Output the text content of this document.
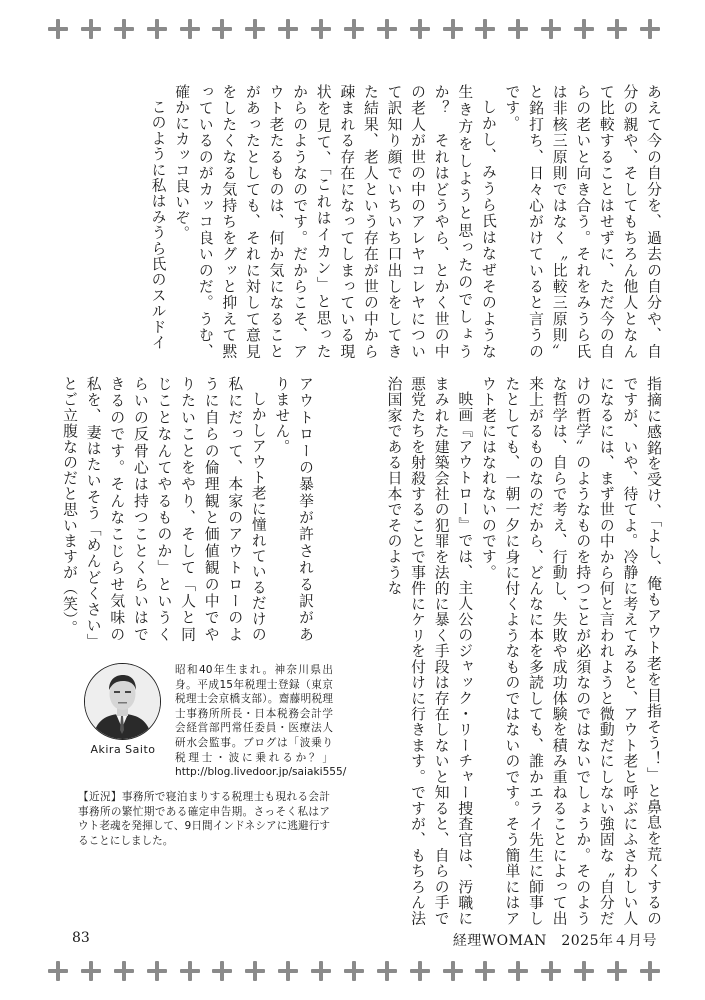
あえて今の自分を、過去の自分や、自分の親や、そしてもちろん他人となんて比較することはせずに、ただ今の自らの老いと向き合う。それをみうら氏は非核三原則ではなく〝比較三原則〟と銘打ち、日々心がけていると言うのです。

しかし、みうら氏はなぜそのような生き方をしようと思ったのでしょうか？　それはどうやら、とかく世の中の老人が世の中のアレヤコレヤについて訳知り顔でいちいち口出しをしてきた結果、老人という存在が世の中から疎まれる存在になってしまっている現状を見て、「これはイカン」と思ったからのようなのです。だからこそ、アウト老たるものは、何か気になることがあったとしても、それに対して意見をしたくなる気持ちをグッと抑えて黙っているのがカッコ良いのだ。うむ、確かにカッコ良いぞ。

このように私はみうら氏のスルドイ

指摘に感銘を受け、「よし、俺もアウト老を目指そう！」と鼻息を荒くするのですが、いや、待てよ。冷静に考えてみると、アウト老と呼ぶにふさわしい人になるには、まず世の中から何と言われようと微動だにしない強固な〝自分だけの哲学〟のようなものを持つことが必須なのではないでしょうか。そのような哲学は、自らで考え、行動し、失敗や成功体験を積み重ねることによって出来上がるものなのだから、どんなに本を多読しても、誰かエライ先生に師事したとしても、一朝一夕に身に付くようなものではないのです。そう簡単にはアウト老にはなれないのです。

映画『アウトロー』では、主人公のジャック・リーチャー捜査官は、汚職にまみれた建築会社の犯罪を法的に暴く手段は存在しないと知ると、自らの手で悪党たちを射殺することで事件にケリを付けに行きます。ですが、もちろん法治国家である日本でそのような

アウトローの暴挙が許される訳がありません。

しかしアウト老に憧れているだけの私にだって、本家のアウトローのように自らの倫理観と価値観の中でやりたいことをやり、そして「人と同じことなんてやるものか」というくらいの反骨心は持つことくらいはできるのです。そんなこじらせ気味の私を、妻はたいそう「めんどくさい」とご立腹なのだと思いますが（笑）。

Akira Saito

昭和40年生まれ。神奈川県出身。平成15年税理士登録（東京税理士会京橋支部）。齋藤明税理士事務所所長・日本税務会計学会経営部門常任委員・医療法人研水会監事。ブログは「波乗り税理士・波に乗れるか？」http://blog.livedoor.jp/saiaki555/

【近況】事務所で寝泊まりする税理士も現れる会計事務所の繁忙期である確定申告期。さっそく私はアウト老魂を発揮して、9日間インドネシアに逃避行することにしました。

83	経理WOMAN　2025年４月号
